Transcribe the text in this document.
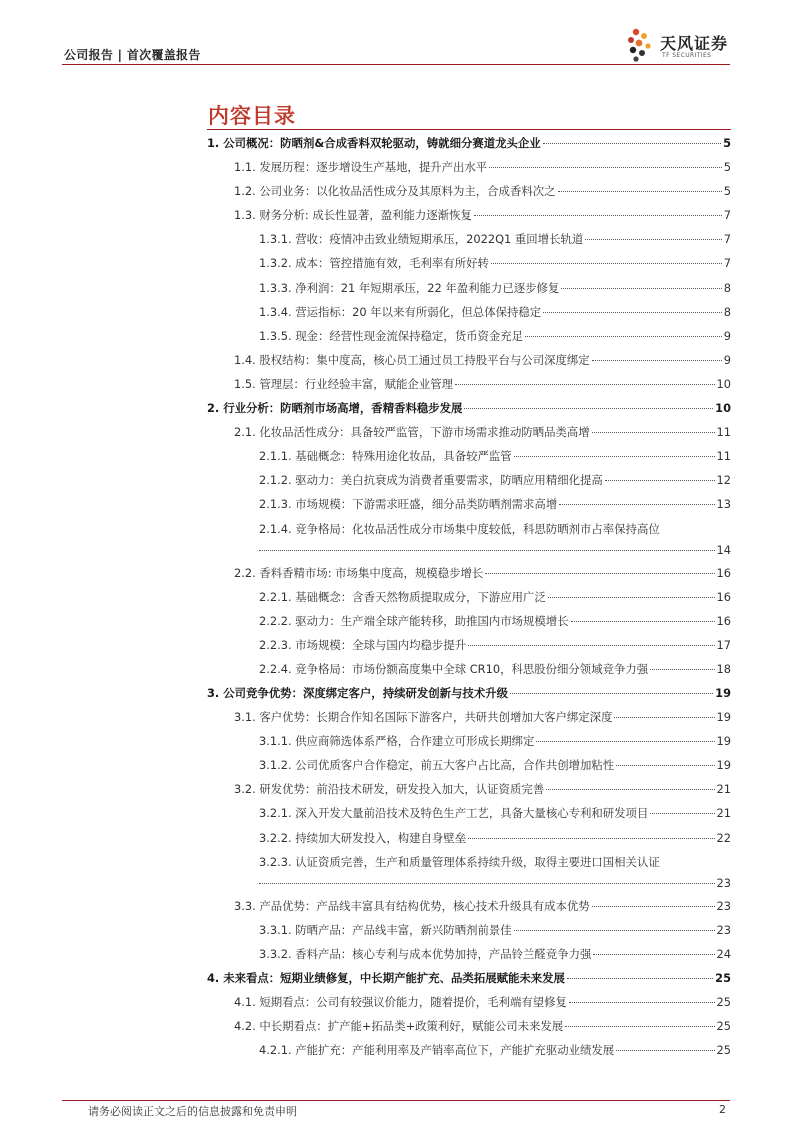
公司报告 | 首次覆盖报告
天风证券
TF SECURITIES
内容目录
1. 公司概况：防晒剂&合成香料双轮驱动，铸就细分赛道龙头企业	5
1.1. 发展历程：逐步增设生产基地，提升产出水平	5
1.2. 公司业务：以化妆品活性成分及其原料为主，合成香料次之	5
1.3. 财务分析: 成长性显著，盈利能力逐渐恢复	7
1.3.1. 营收：疫情冲击致业绩短期承压，2022Q1 重回增长轨道	7
1.3.2. 成本：管控措施有效，毛利率有所好转	7
1.3.3. 净利润：21 年短期承压，22 年盈利能力已逐步修复	8
1.3.4. 营运指标：20 年以来有所弱化，但总体保持稳定	8
1.3.5. 现金：经营性现金流保持稳定，货币资金充足	9
1.4. 股权结构：集中度高，核心员工通过员工持股平台与公司深度绑定	9
1.5. 管理层：行业经验丰富，赋能企业管理	10
2. 行业分析：防晒剂市场高增，香精香料稳步发展	10
2.1. 化妆品活性成分：具备较严监管，下游市场需求推动防晒品类高增	11
2.1.1. 基础概念：特殊用途化妆品，具备较严监管	11
2.1.2. 驱动力：美白抗衰成为消费者重要需求，防晒应用精细化提高	12
2.1.3. 市场规模：下游需求旺盛，细分品类防晒剂需求高增	13
2.1.4. 竞争格局：化妆品活性成分市场集中度较低，科思防晒剂市占率保持高位
14
2.2. 香料香精市场: 市场集中度高，规模稳步增长	16
2.2.1. 基础概念：含香天然物质提取成分，下游应用广泛	16
2.2.2. 驱动力：生产端全球产能转移，助推国内市场规模增长	16
2.2.3. 市场规模：全球与国内均稳步提升	17
2.2.4. 竞争格局：市场份额高度集中全球 CR10，科思股份细分领域竞争力强	18
3. 公司竞争优势：深度绑定客户，持续研发创新与技术升级	19
3.1. 客户优势：长期合作知名国际下游客户，共研共创增加大客户绑定深度	19
3.1.1. 供应商筛选体系严格，合作建立可形成长期绑定	19
3.1.2. 公司优质客户合作稳定，前五大客户占比高，合作共创增加粘性	19
3.2. 研发优势：前沿技术研发，研发投入加大，认证资质完善	21
3.2.1. 深入开发大量前沿技术及特色生产工艺，具备大量核心专利和研发项目	21
3.2.2. 持续加大研发投入，构建自身壁垒	22
3.2.3. 认证资质完善，生产和质量管理体系持续升级，取得主要进口国相关认证
23
3.3. 产品优势：产品线丰富具有结构优势，核心技术升级具有成本优势	23
3.3.1. 防晒产品：产品线丰富，新兴防晒剂前景佳	23
3.3.2. 香料产品：核心专利与成本优势加持，产品铃兰醛竞争力强	24
4. 未来看点：短期业绩修复，中长期产能扩充、品类拓展赋能未来发展	25
4.1. 短期看点：公司有较强议价能力，随着提价，毛利端有望修复	25
4.2. 中长期看点：扩产能+拓品类+政策利好，赋能公司未来发展	25
4.2.1. 产能扩充：产能利用率及产销率高位下，产能扩充驱动业绩发展	25
请务必阅读正文之后的信息披露和免责申明	2
